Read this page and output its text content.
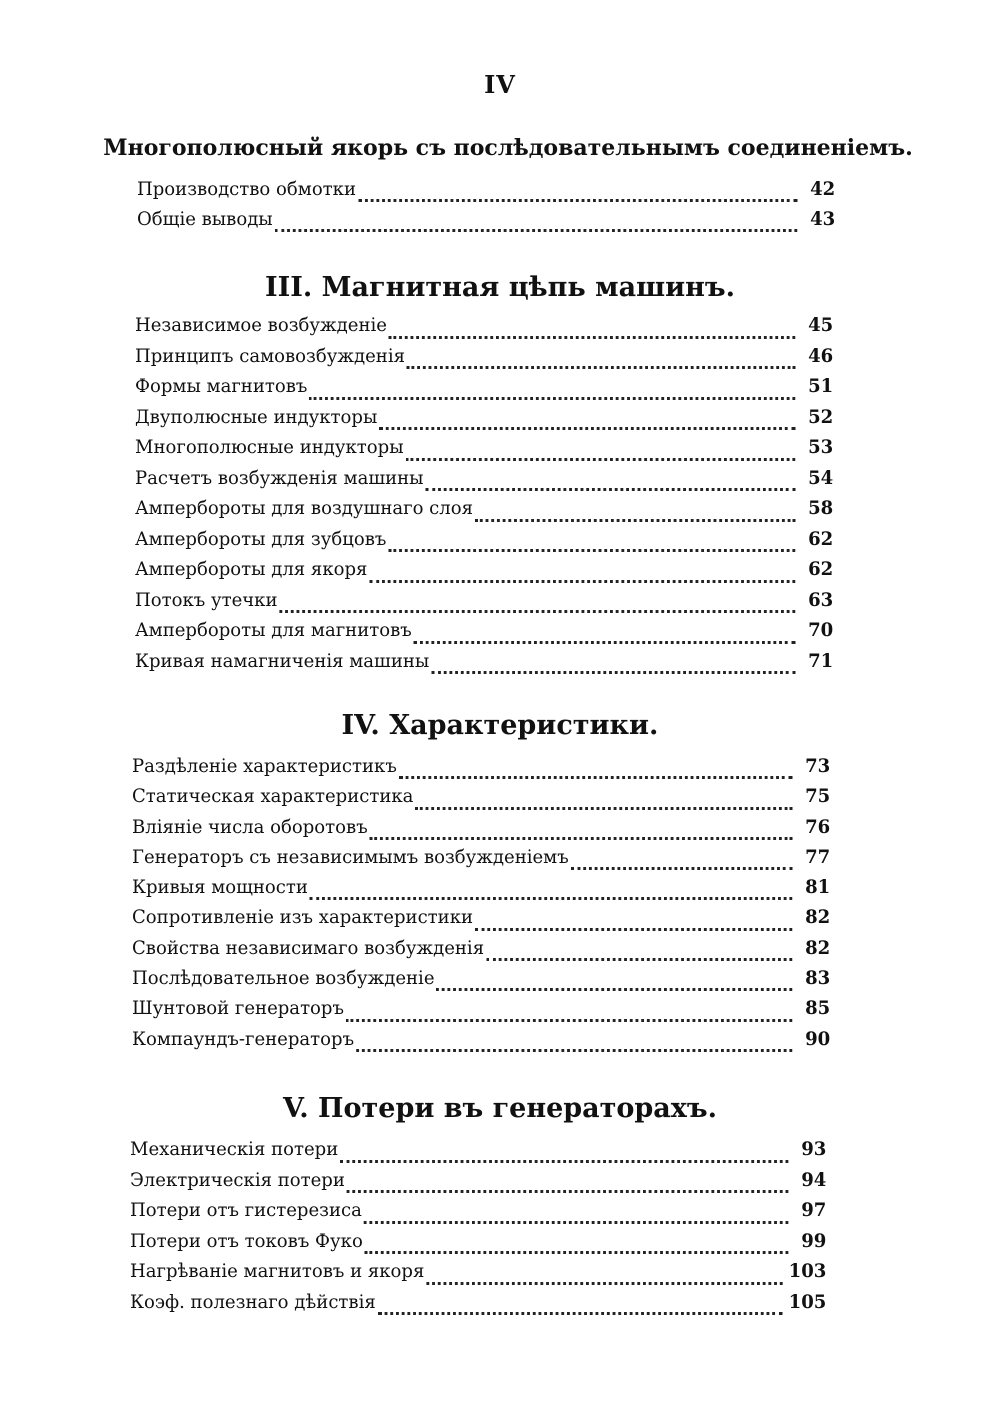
IV
Многополюсный якорь съ послѣдовательнымъ соединеніемъ.
Производство обмотки	42
Общіе выводы	43
III. Магнитная цѣпь машинъ.
Независимое возбужденіе	45
Принципъ самовозбужденія	46
Формы магнитовъ	51
Двуполюсные индукторы	52
Многополюсные индукторы	53
Расчетъ возбужденія машины	54
Ампербороты для воздушнаго слоя	58
Ампербороты для зубцовъ	62
Ампербороты для якоря	62
Потокъ утечки	63
Ампербороты для магнитовъ	70
Кривая намагниченія машины	71
IV. Характеристики.
Раздѣленіе характеристикъ	73
Статическая характеристика	75
Вліяніе числа оборотовъ	76
Генераторъ съ независимымъ возбужденіемъ	77
Кривыя мощности	81
Сопротивленіе изъ характеристики	82
Свойства независимаго возбужденія	82
Послѣдовательное возбужденіе	83
Шунтовой генераторъ	85
Компаундъ-генераторъ	90
V. Потери въ генераторахъ.
Механическія потери	93
Электрическія потери	94
Потери отъ гистерезиса	97
Потери отъ токовъ Фуко	99
Нагрѣваніе магнитовъ и якоря	103
Коэф. полезнаго дѣйствія	105
